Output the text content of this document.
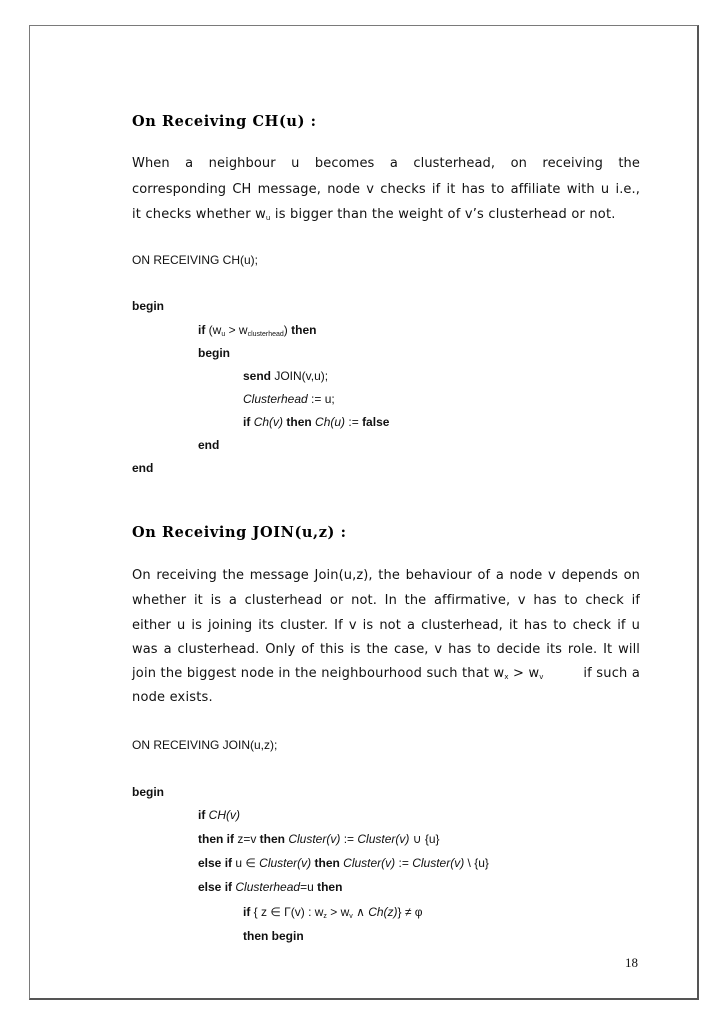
On Receiving CH(u) :
When a neighbour u becomes a clusterhead, on receiving the
corresponding CH message, node v checks if it has to affiliate with u i.e.,
it checks whether $w_u$ is bigger than the weight of v’s clusterhead or not.
ON RECEIVING CH(u);
begin
if $(w_u > w_{clusterhead})$ then
begin
send JOIN(v,u);
Clusterhead := u;
if Ch(v) then Ch(u) := false
end
end
On Receiving JOIN(u,z) :
On receiving the message Join(u,z), the behaviour of a node v depends on
whether it is a clusterhead or not. In the affirmative, v has to check if
either u is joining its cluster. If v is not a clusterhead, it has to check if u
was a clusterhead. Only of this is the case, v has to decide its role. It will
join the biggest node in the neighbourhood such that $w_x > w_v$	if such a
node exists.
ON RECEIVING JOIN(u,z);
begin
if CH(v)
then if z=v then Cluster(v) := Cluster(v) ∪ {u}
else if u ∈ Cluster(v) then Cluster(v) := Cluster(v) \ {u}
else if Clusterhead=u then
if { z ∈ Γ(v) : $w_z > w_v$ ∧ Ch(z)} ≠ φ
then begin
18
